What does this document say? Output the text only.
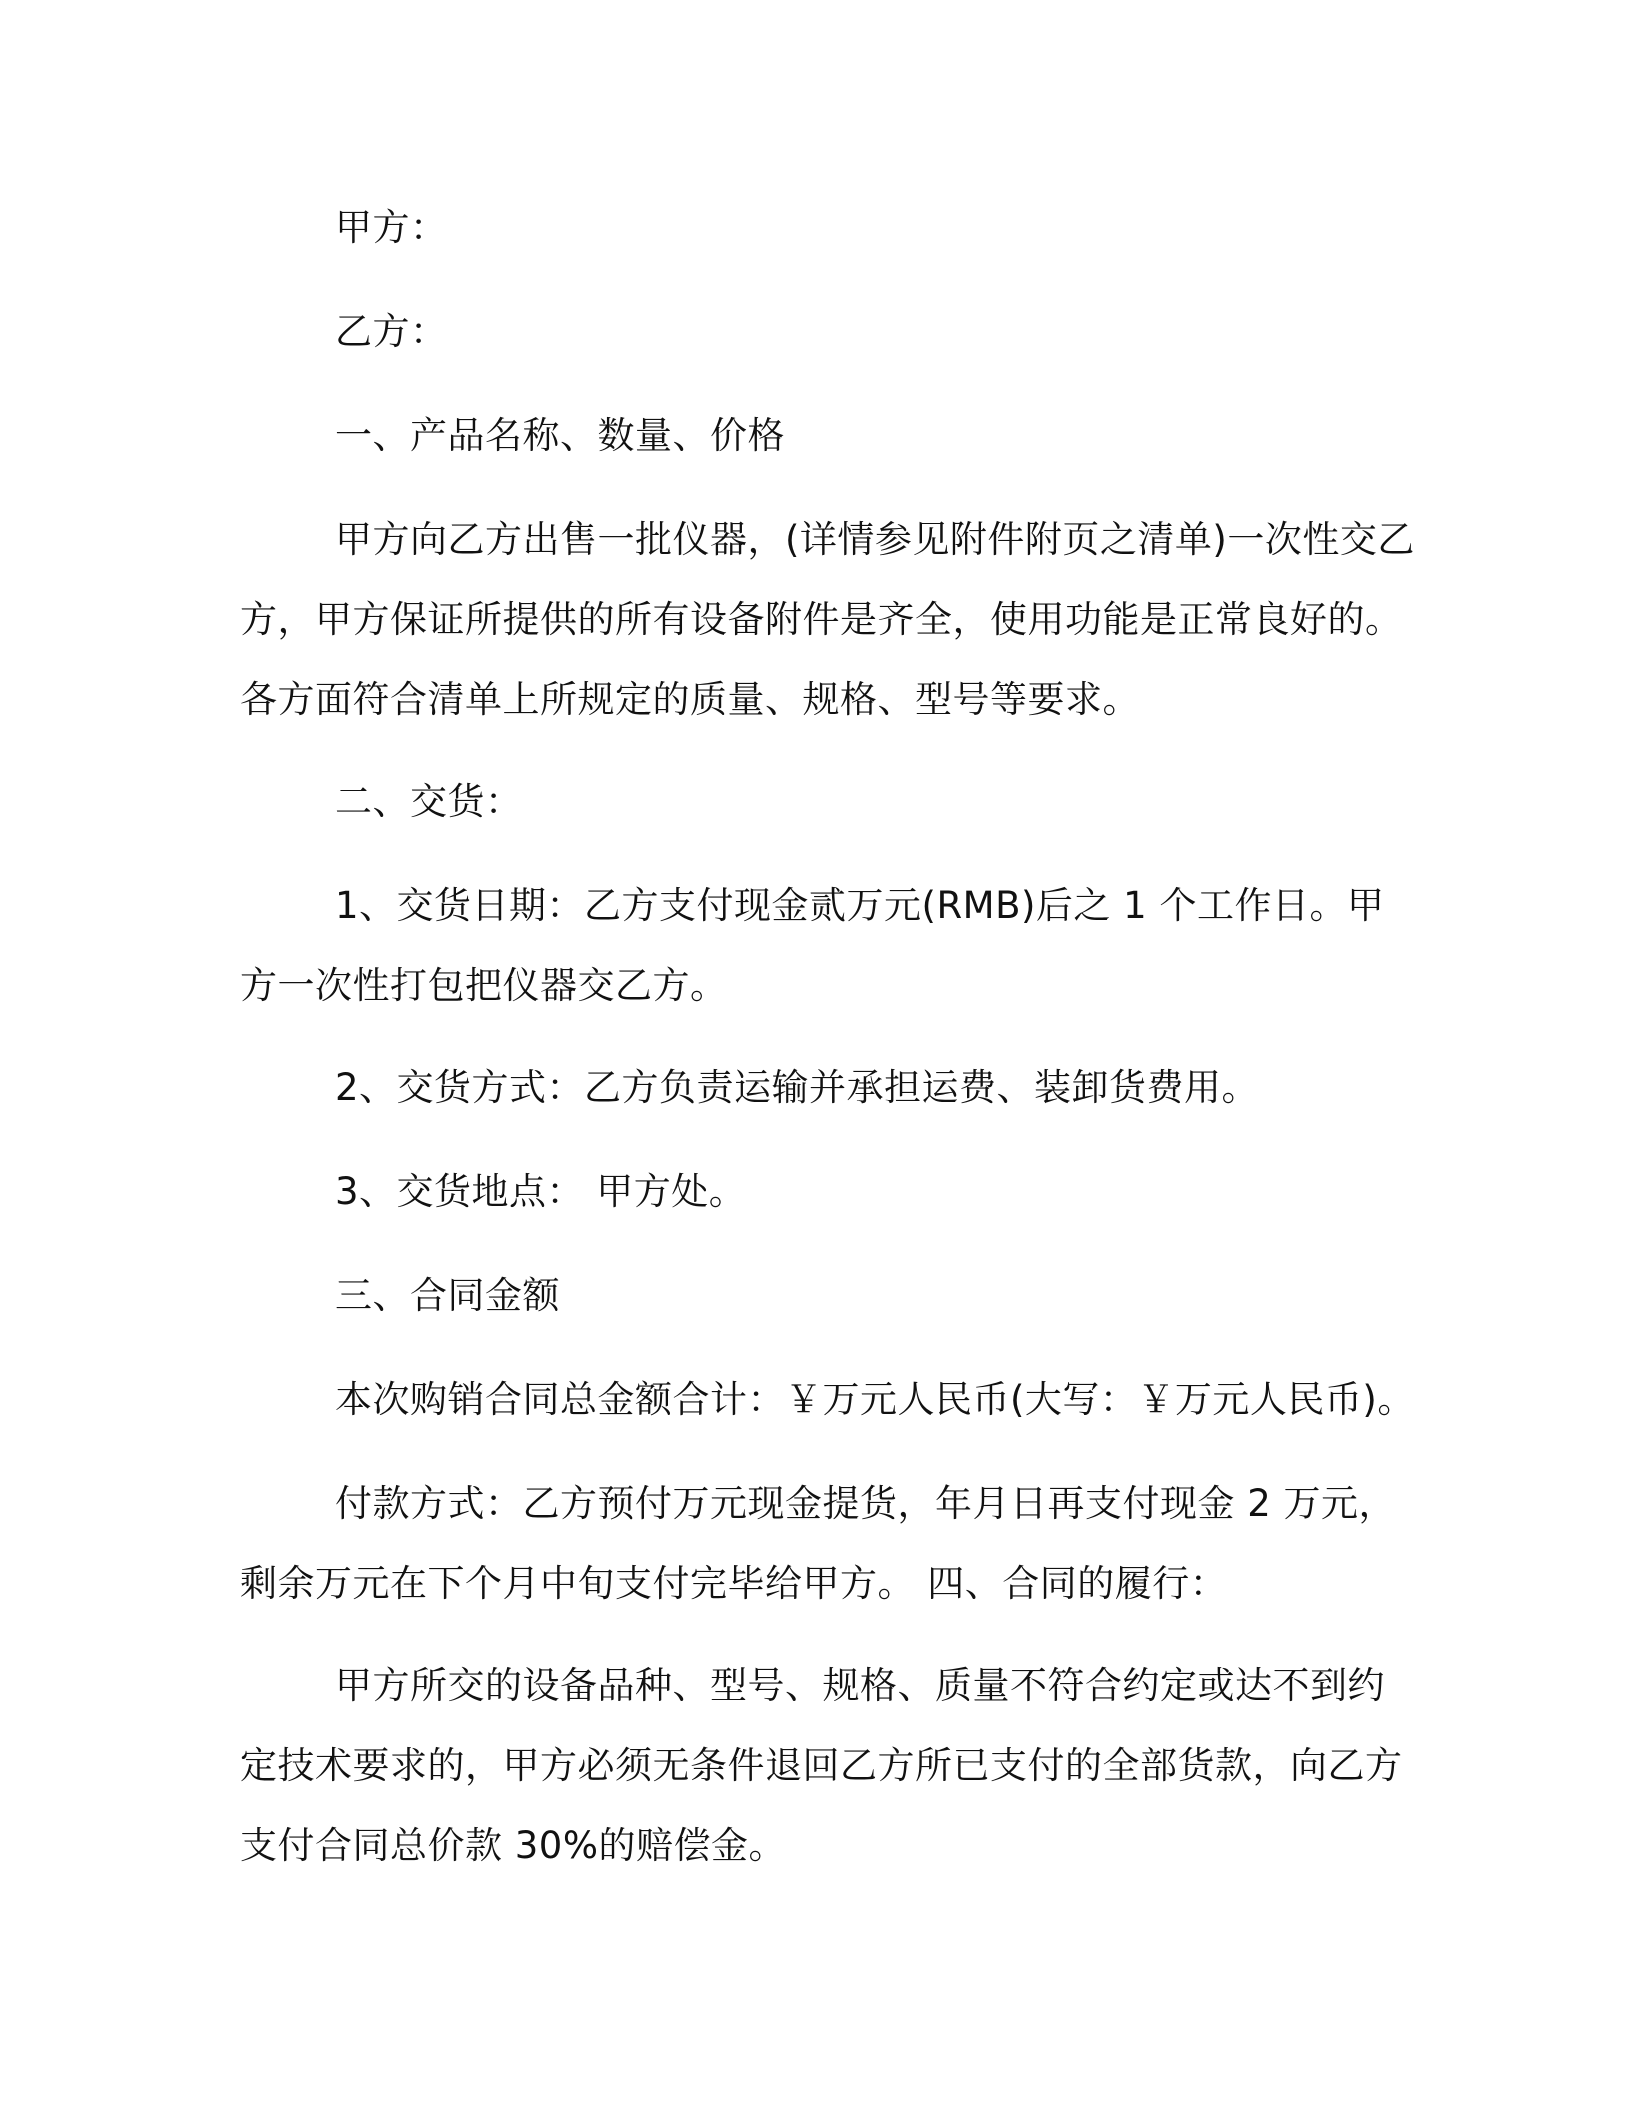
甲方：

乙方：

一、产品名称、数量、价格

甲方向乙方出售一批仪器，(详情参见附件附页之清单)一次性交乙方，甲方保证所提供的所有设备附件是齐全，使用功能是正常良好的。各方面符合清单上所规定的质量、规格、型号等要求。

二、交货：

1、交货日期：乙方支付现金贰万元(RMB)后之 1 个工作日。甲方一次性打包把仪器交乙方。

2、交货方式：乙方负责运输并承担运费、装卸货费用。

3、交货地点： 甲方处。

三、合同金额

本次购销合同总金额合计：￥万元人民币(大写：￥万元人民币)。

付款方式：乙方预付万元现金提货，年月日再支付现金 2 万元，剩余万元在下个月中旬支付完毕给甲方。 四、合同的履行：

甲方所交的设备品种、型号、规格、质量不符合约定或达不到约定技术要求的，甲方必须无条件退回乙方所已支付的全部货款，向乙方支付合同总价款 30%的赔偿金。
